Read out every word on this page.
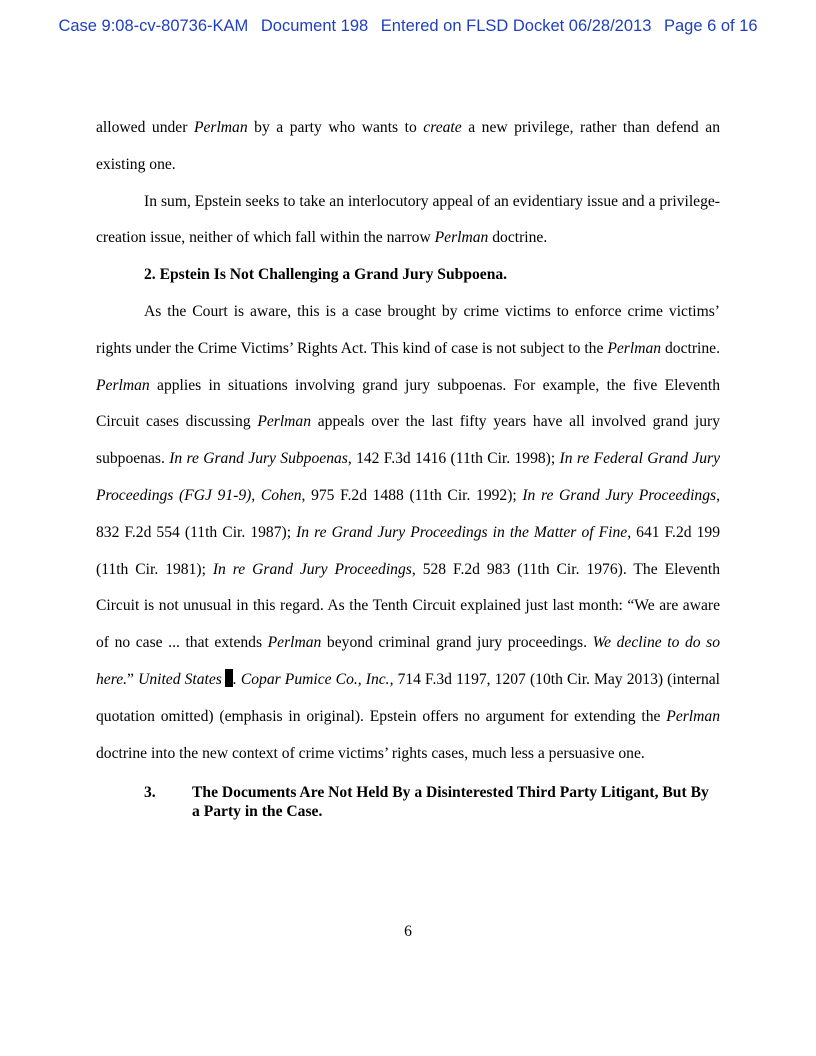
Case 9:08-cv-80736-KAM Document 198 Entered on FLSD Docket 06/28/2013 Page 6 of 16

allowed under Perlman by a party who wants to create a new privilege, rather than defend an existing one.

In sum, Epstein seeks to take an interlocutory appeal of an evidentiary issue and a privilege-creation issue, neither of which fall within the narrow Perlman doctrine.

2. Epstein Is Not Challenging a Grand Jury Subpoena.

As the Court is aware, this is a case brought by crime victims to enforce crime victims’ rights under the Crime Victims’ Rights Act. This kind of case is not subject to the Perlman doctrine. Perlman applies in situations involving grand jury subpoenas. For example, the five Eleventh Circuit cases discussing Perlman appeals over the last fifty years have all involved grand jury subpoenas. In re Grand Jury Subpoenas, 142 F.3d 1416 (11th Cir. 1998); In re Federal Grand Jury Proceedings (FGJ 91-9), Cohen, 975 F.2d 1488 (11th Cir. 1992); In re Grand Jury Proceedings, 832 F.2d 554 (11th Cir. 1987); In re Grand Jury Proceedings in the Matter of Fine, 641 F.2d 199 (11th Cir. 1981); In re Grand Jury Proceedings, 528 F.2d 983 (11th Cir. 1976). The Eleventh Circuit is not unusual in this regard. As the Tenth Circuit explained just last month: “We are aware of no case ... that extends Perlman beyond criminal grand jury proceedings. We decline to do so here.” United States . Copar Pumice Co., Inc., 714 F.3d 1197, 1207 (10th Cir. May 2013) (internal quotation omitted) (emphasis in original). Epstein offers no argument for extending the Perlman doctrine into the new context of crime victims’ rights cases, much less a persuasive one.

3.	The Documents Are Not Held By a Disinterested Third Party Litigant, But By a Party in the Case.

6
